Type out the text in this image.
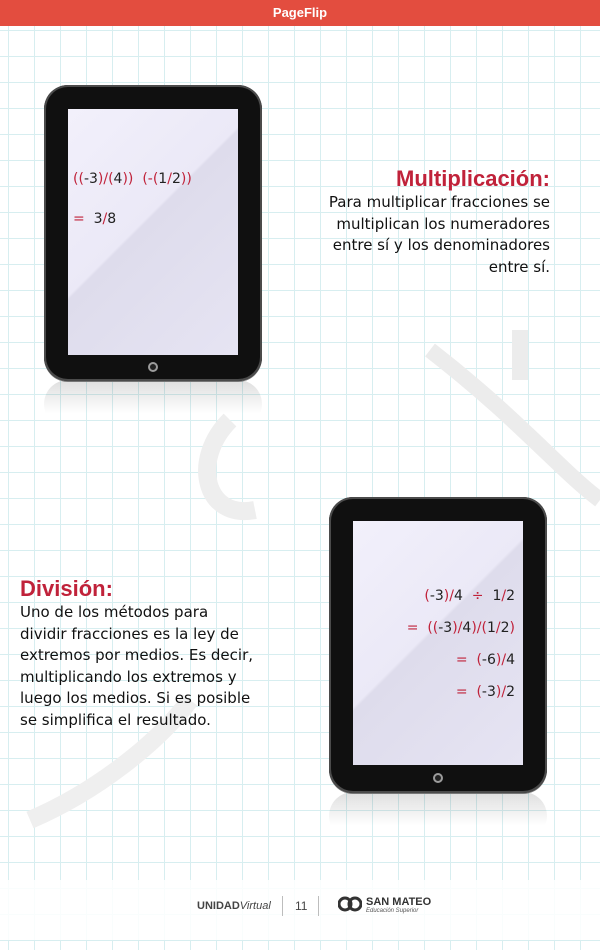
PageFlip
((-3)/(4)) (-(1/2))
=  3/8
Multiplicación:
Para multiplicar fracciones se
multiplican los numeradores
entre sí y los denominadores
entre sí.
(-3)/4  ÷  1/2
=  ((-3)/4)/(1/2)
=  (-6)/4
=  (-3)/2
División:
Uno de los métodos para
dividir fracciones es la ley de
extremos por medios. Es decir,
multiplicando los extremos y
luego los medios. Si es posible
se simplifica el resultado.
UNIDADVirtual 11	SAN MATEO
Educación Superior
